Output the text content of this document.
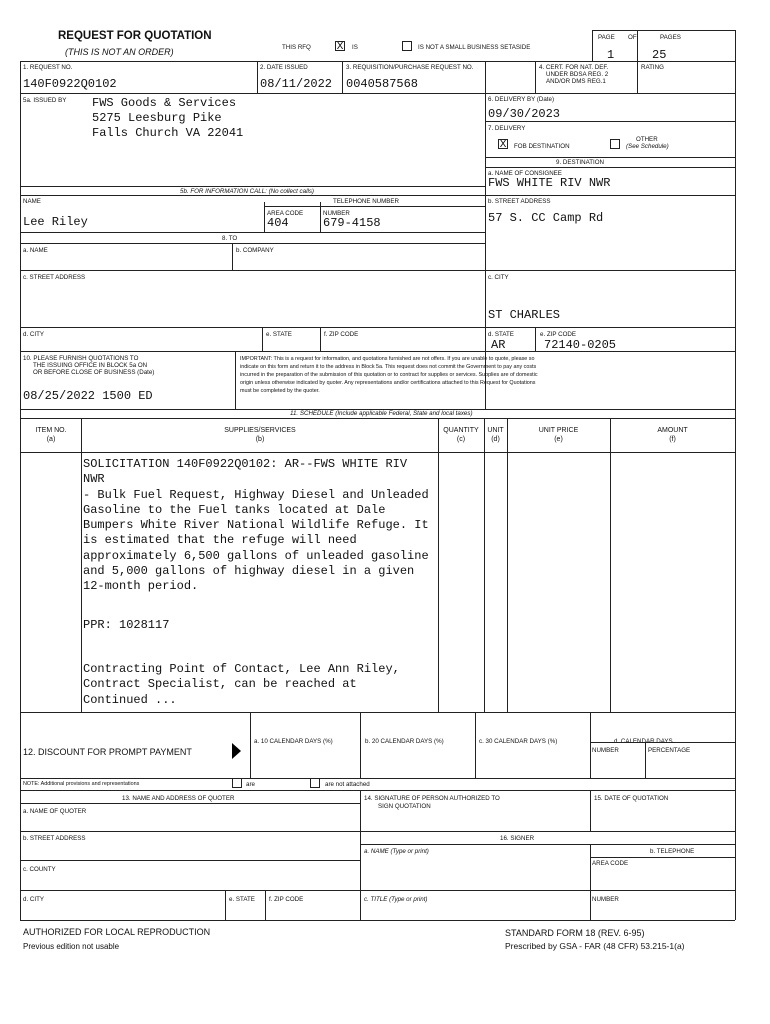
REQUEST FOR QUOTATION
(THIS IS NOT AN ORDER)	THIS RFQ	X IS	IS NOT A SMALL BUSINESS SETASIDE
PAGE OF	PAGES
1	25
1. REQUEST NO.
140F0922Q0102
2. DATE ISSUED
08/11/2022
3. REQUISITION/PURCHASE REQUEST NO.
0040587568
4. CERT. FOR NAT. DEF.
UNDER BDSA REG. 2
AND/OR DMS REG.1
RATING
5a. ISSUED BY FWS Goods & Services
5275 Leesburg Pike
Falls Church VA 22041
6. DELIVERY BY (Date)
09/30/2023
7. DELIVERY
X FOB DESTINATION
OTHER
(See Schedule)
9. DESTINATION
a. NAME OF CONSIGNEE
FWS WHITE RIV NWR
b. STREET ADDRESS
57 S. CC Camp Rd
c. CITY
ST CHARLES
d. STATE
AR
e. ZIP CODE
72140-0205
5b. FOR INFORMATION CALL: (No collect calls)
NAME
Lee Riley
TELEPHONE NUMBER
AREA CODE
404
NUMBER
679-4158
8. TO
a. NAME	b. COMPANY
c. STREET ADDRESS
d. CITY	e. STATE	f. ZIP CODE
10. PLEASE FURNISH QUOTATIONS TO
THE ISSUING OFFICE IN BLOCK 5a ON
OR BEFORE CLOSE OF BUSINESS (Date)
08/25/2022 1500 ED
IMPORTANT: This is a request for information, and quotations furnished are not offers. If you are unable to quote, please so
indicate on this form and return it to the address in Block 5a. This request does not commit the Government to pay any costs
incurred in the preparation of the submission of this quotation or to contract for supplies or services. Supplies are of domestic
origin unless otherwise indicated by quoter. Any representations and/or certifications attached to this Request for Quotations
must be completed by the quoter.
11. SCHEDULE (Include applicable Federal, State and local taxes)
ITEM NO.
(a)
SUPPLIES/SERVICES
(b)
QUANTITY
(c)
UNIT
(d)
UNIT PRICE
(e)
AMOUNT
(f)
SOLICITATION 140F0922Q0102: AR--FWS WHITE RIV NWR
- Bulk Fuel Request, Highway Diesel and Unleaded
Gasoline to the Fuel tanks located at Dale
Bumpers White River National Wildlife Refuge. It
is estimated that the refuge will need
approximately 6,500 gallons of unleaded gasoline
and 5,000 gallons of highway diesel in a given
12-month period.
PPR: 1028117
Contracting Point of Contact, Lee Ann Riley,
Contract Specialist, can be reached at
Continued ...
12. DISCOUNT FOR PROMPT PAYMENT
a. 10 CALENDAR DAYS (%)	b. 20 CALENDAR DAYS (%)	c. 30 CALENDAR DAYS (%)	d. CALENDAR DAYS
NUMBER	PERCENTAGE
NOTE: Additional provisions and representations	are	are not attached
13. NAME AND ADDRESS OF QUOTER
a. NAME OF QUOTER
b. STREET ADDRESS
c. COUNTY
d. CITY	e. STATE f. ZIP CODE
14. SIGNATURE OF PERSON AUTHORIZED TO
SIGN QUOTATION
15. DATE OF QUOTATION
16. SIGNER
a. NAME (Type or print)	b. TELEPHONE
AREA CODE
c. TITLE (Type or print)	NUMBER
AUTHORIZED FOR LOCAL REPRODUCTION
Previous edition not usable
STANDARD FORM 18 (REV. 6-95)
Prescribed by GSA - FAR (48 CFR) 53.215-1(a)
